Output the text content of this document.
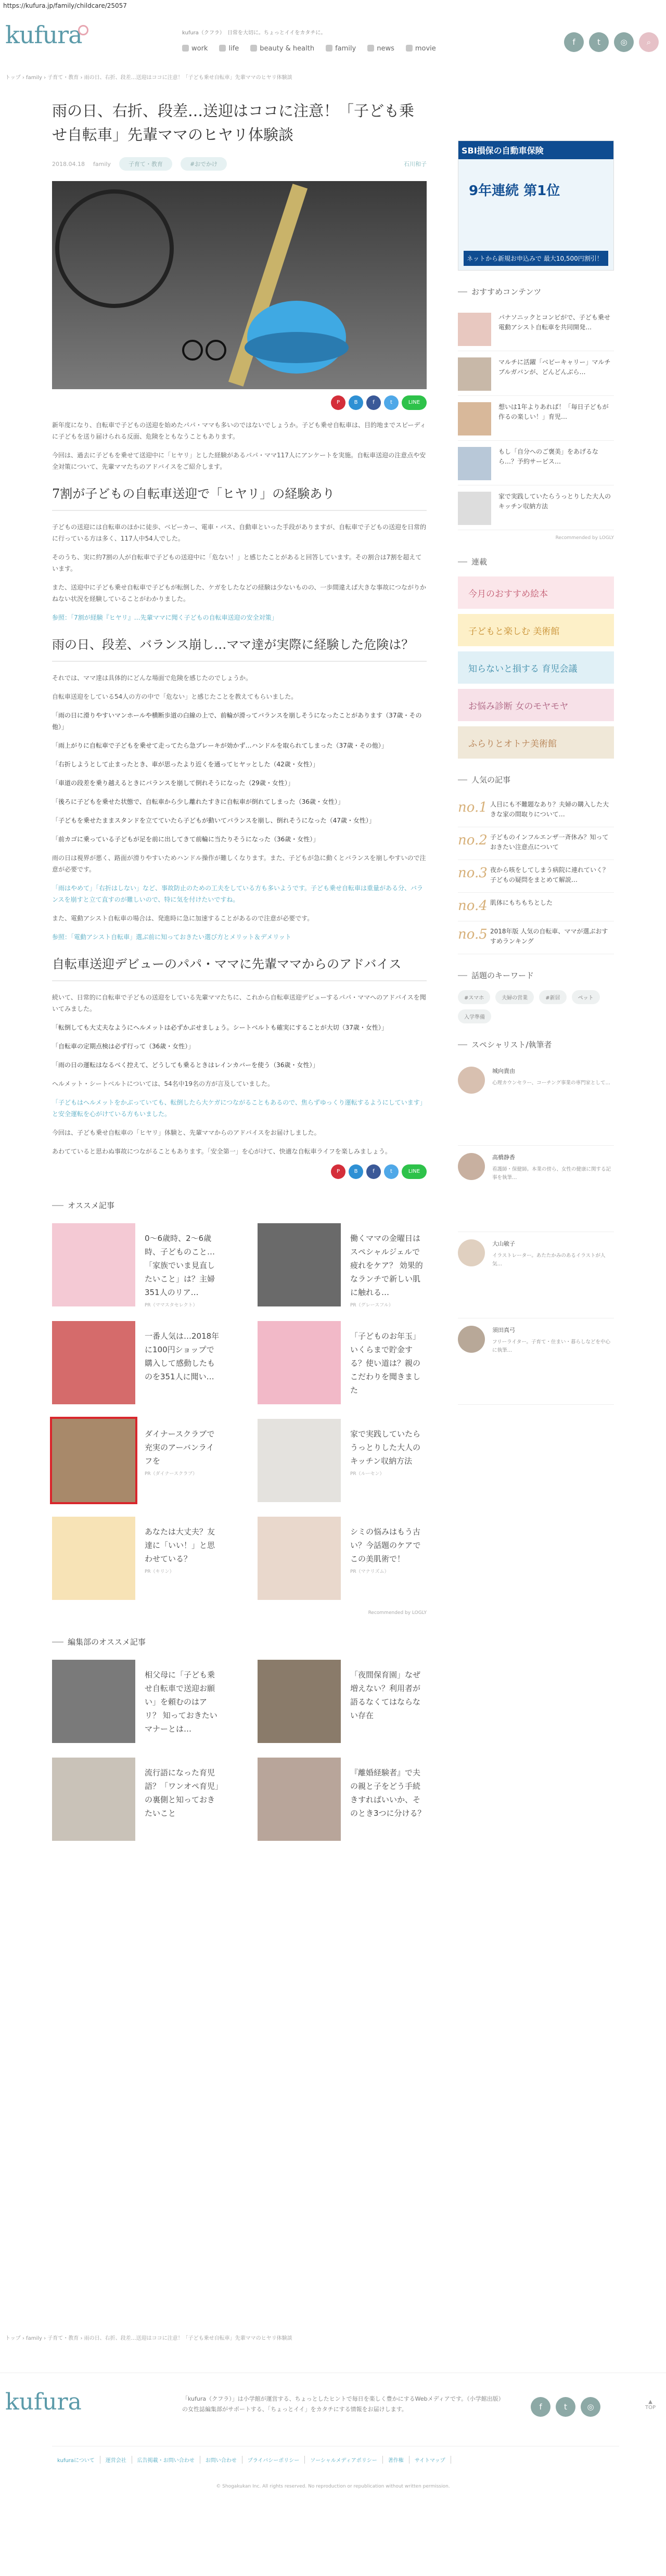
https://kufura.jp/family/childcare/25057
kufura	kufura（クフラ）　日常を大切に。ちょっとイイをカタチに。
work	life	beauty & health	family	news	movie
f	t	◎	⌕
トップ › family › 子育て・教育 › 雨の日、右折、段差…送迎はココに注意！「子ども乗せ自転車」先輩ママのヒヤリ体験談
雨の日、右折、段差…送迎はココに注意！「子ども乗せ自転車」先輩ママのヒヤリ体験談
2018.04.18 family	子育て・教育	#おでかけ	石川和子
P	B	f	t	LINE

新年度になり、自転車で子どもの送迎を始めたパパ・ママも多いのではないでしょうか。子ども乗せ自転車は、目的地までスピーディに子どもを送り届けられる反面、危険をともなうこともあります。

今回は、過去に子どもを乗せて送迎中に「ヒヤリ」とした経験があるパパ・ママ117人にアンケートを実施。自転車送迎の注意点や安全対策について、先輩ママたちのアドバイスをご紹介します。

7割が子どもの自転車送迎で「ヒヤリ」の経験あり

子どもの送迎には自転車のほかに徒歩、ベビーカー、電車・バス、自動車といった手段がありますが、自転車で子どもの送迎を日常的に行っている方は多く、117人中54人でした。

そのうち、実に約7割の人が自転車で子どもの送迎中に「危ない！」と感じたことがあると回答しています。その割合は7割を超えています。

また、送迎中に子ども乗せ自転車で子どもが転倒した、ケガをしたなどの経験は少ないものの、一歩間違えば大きな事故につながりかねない状況を経験していることがわかりました。

参照：「7割が経験『ヒヤリ』…先輩ママに聞く子どもの自転車送迎の安全対策」

雨の日、段差、バランス崩し…ママ達が実際に経験した危険は？

それでは、ママ達は具体的にどんな場面で危険を感じたのでしょうか。

自転車送迎をしている54人の方の中で「危ない」と感じたことを教えてもらいました。

「 雨の日に滑りやすいマンホールや横断歩道の白線の上で、前輪が滑ってバランスを崩しそうになったことがあります（37歳・その他） 」
「 雨上がりに自転車で子どもを乗せて走ってたら急ブレーキが効かず…ハンドルを取られてしまった（37歳・その他） 」
「 右折しようとして止まったとき、車が思ったより近くを通ってヒヤッとした（42歳・女性） 」
「 車道の段差を乗り越えるときにバランスを崩して倒れそうになった（29歳・女性） 」
「 後ろに子どもを乗せた状態で、自転車から少し離れたすきに自転車が倒れてしまった（36歳・女性） 」
「 子どもを乗せたままスタンドを立てていたら子どもが動いてバランスを崩し、倒れそうになった（47歳・女性） 」
「 前カゴに乗っている子どもが足を前に出してきて前輪に当たりそうになった（36歳・女性） 」

雨の日は視界が悪く、路面が滑りやすいためハンドル操作が難しくなります。また、子どもが急に動くとバランスを崩しやすいので注意が必要です。

「雨はやめて」「右折はしない」など、事故防止のための工夫をしている方も多いようです。子ども乗せ自転車は重量がある分、バランスを崩すと立て直すのが難しいので、特に気を付けたいですね。

また、電動アシスト自転車の場合は、発進時に急に加速することがあるので注意が必要です。

参照：「電動アシスト自転車」選ぶ前に知っておきたい選び方とメリット＆デメリット

自転車送迎デビューのパパ・ママに先輩ママからのアドバイス

続いて、日常的に自転車で子どもの送迎をしている先輩ママたちに、これから自転車送迎デビューするパパ・ママへのアドバイスを聞いてみました。

「 転倒しても大丈夫なようにヘルメットは必ずかぶせましょう。シートベルトも確実にすることが大切（37歳・女性） 」
「 自転車の定期点検は必ず行って（36歳・女性） 」
「 雨の日の運転はなるべく控えて、どうしても乗るときはレインカバーを使う（36歳・女性） 」

ヘルメット・シートベルトについては、54名中19名の方が言及していました。

「子どもはヘルメットをかぶっていても、転倒したら大ケガにつながることもあるので、焦らずゆっくり運転するようにしています」と安全運転を心がけている方もいました。

今回は、子ども乗せ自転車の「ヒヤリ」体験と、先輩ママからのアドバイスをお届けしました。

あわてていると思わぬ事故につながることもあります。「安全第一」を心がけて、快適な自転車ライフを楽しみましょう。

P	B	f	t	LINE
オススメ記事
0〜6歳時、2〜6歳時、子どものこと…「家族でいま見直したいこと」は？主婦351人のリア…
PR（ママスタセレクト）
働くママの金曜日はスペシャルジェルで疲れをケア？ 効果的なランチで新しい肌に触れる…
PR（グレースフル）
一番人気は…2018年に100円ショップで購入して感動したものを351人に聞い…
「子どものお年玉」いくらまで貯金する？使い道は？親のこだわりを聞きました
ダイナースクラブで充実のアーバンライフを
PR（ダイナースクラブ）
家で実践していたらうっとりした大人のキッチン収納方法
PR（ルーセン）
あなたは大丈夫？友達に「いい！」と思わせている？
PR（キリン）
シミの悩みはもう古い？今話題のケアでこの美肌術で！
PR（マナリズム）
Recommended by LOGLY
編集部のオススメ記事
相父母に「子ども乗せ自転車で送迎お願い」を頼むのはアリ？ 知っておきたいマナーとは…
「夜間保育園」なぜ増えない？利用者が語るなくてはならない存在
流行語になった育児語？「ワンオペ育児」の裏側と知っておきたいこと
『離婚経験者』で夫の親と子をどう手続きすればいいか、そのとき3つに分ける？
SBI損保の自動車保険
9年連続 第1位
ネットから新規お申込みで 最大10,500円割引！
おすすめコンテンツ
パナソニックとコンビがで、子ども乗せ電動アシスト自転車を共同開発…
マルチに活躍「ベビーキャリー」マルチブルガバンが、どんどんぶら…
想いは1年よりあれば！「毎日子どもが作るの楽しい！」育児…
もし「自分へのご褒美」をあげるなら…？予約サービス…
家で実践していたらうっとりした大人のキッチン収納方法
Recommended by LOGLY
連載
今月のおすすめ絵本
子どもと楽しむ 美術館
知らないと損する 育児会議
お悩み診断 女のモヤモヤ
ふらりとオトナ美術館
人気の記事
no.1 人目にも不難題なあり？夫婦の購入した大きな家の間取りについて…
no.2 子どものインフルエンザ一斉休み？知っておきたい注意点について
no.3 夜から咳をしてしまう病院に連れていく？子どもの疑問をまとめて解説…
no.4 肌体にもちもちとした
no.5 2018年版 人気の自転車、ママが選ぶおすすめランキング
話題のキーワード
#スマホ	夫婦の営業	#新居	ペット
入学準備
スペシャリスト/執筆者
城向貴由
心理カウンセラー、コーチング事業の専門家として…
高橋静香
看護師・保健師。本業の傍ら、女性の健康に関する記事を執筆…
大山敏子
イラストレーター。あたたかみのあるイラストが人気…
須田真弓
フリーライター。子育て・住まい・暮らしなどを中心に執筆…
トップ › family › 子育て・教育 › 雨の日、右折、段差…送迎はココに注意！「子ども乗せ自転車」先輩ママのヒヤリ体験談
kufura	「kufura（クフラ）」は小学館が運営する、ちょっとしたヒントで毎日を楽しく豊かにするWebメディアです。（小学館出版）の女性誌編集部がサポートする、「ちょっとイイ」をカタチにする情報をお届けします。	f	t	◎
▲
TOP
kufuraについて	運営会社	広告掲載・お問い合わせ	お問い合わせ	プライバシーポリシー	ソーシャルメディアポリシー	著作権	サイトマップ
© Shogakukan Inc. All rights reserved. No reproduction or republication without written permission.
